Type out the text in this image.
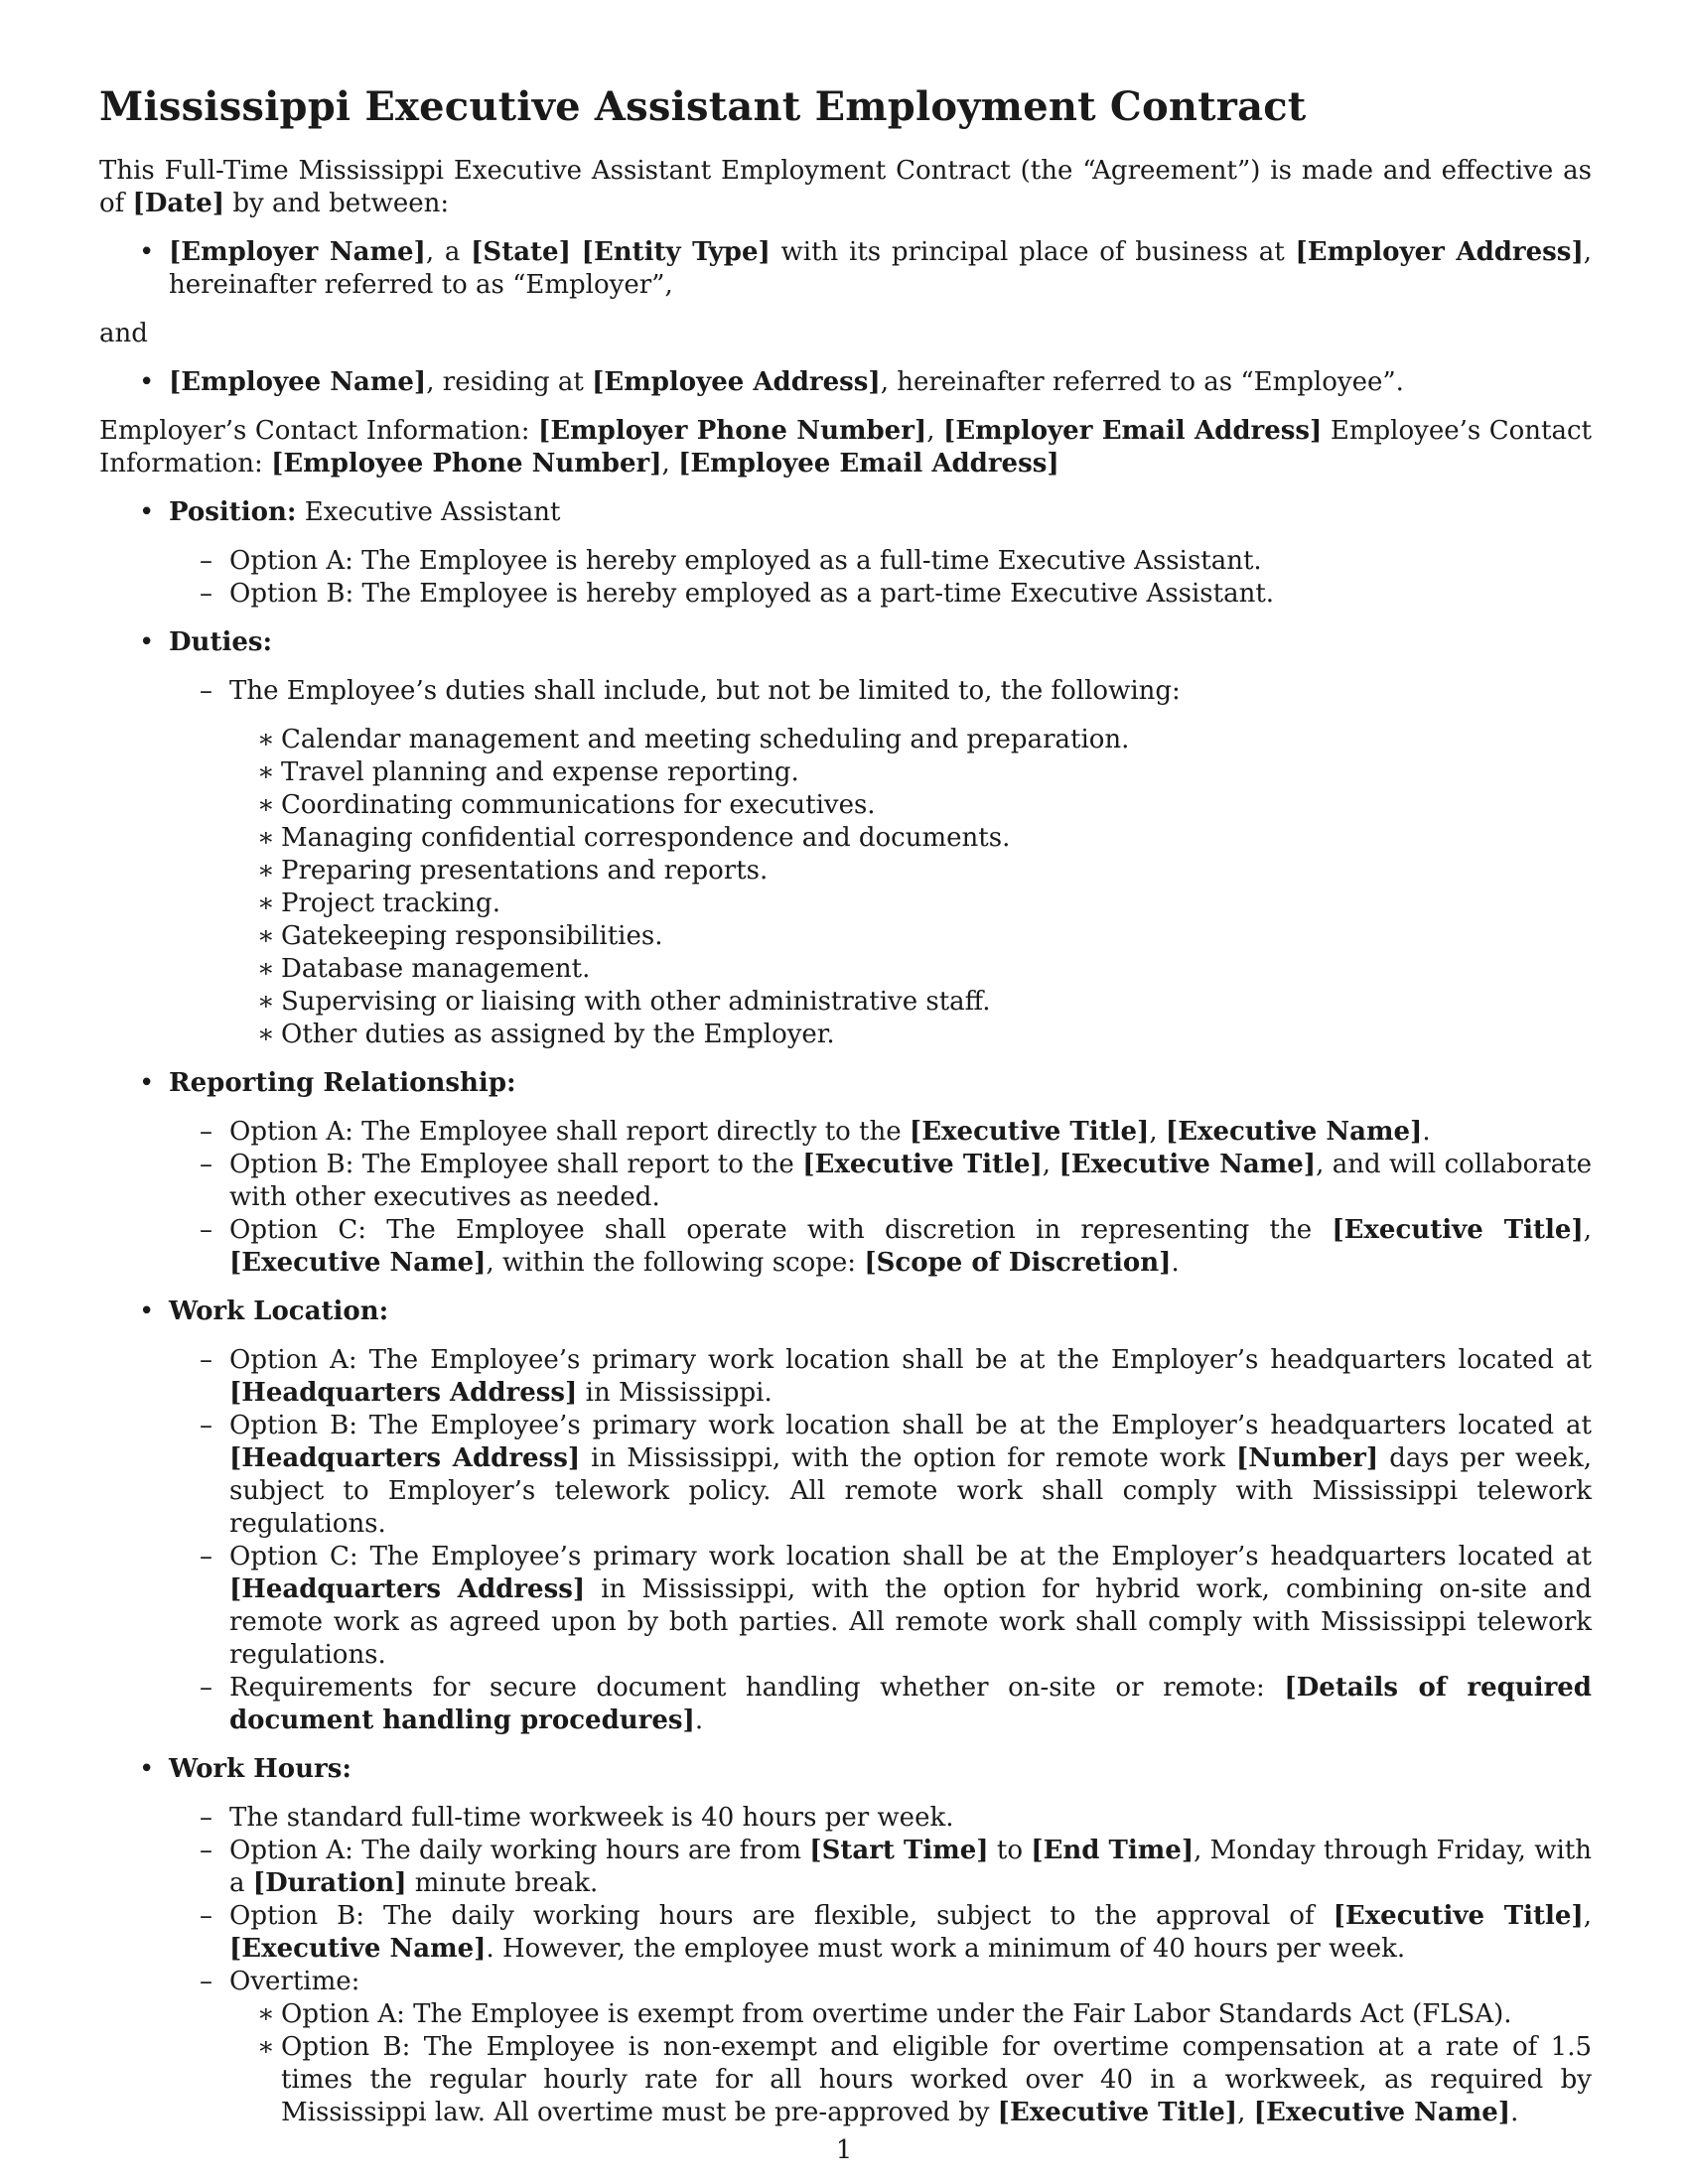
Mississippi Executive Assistant Employment Contract

This Full-Time Mississippi Executive Assistant Employment Contract (the “Agreement”) is made and effective as of [Date] by and between:

• [Employer Name], a [State] [Entity Type] with its principal place of business at [Employer Address], hereinafter referred to as “Employer”,
and
• [Employee Name], residing at [Employee Address], hereinafter referred to as “Employee”.

Employer’s Contact Information: [Employer Phone Number], [Employer Email Address] Employee’s Contact Information: [Employee Phone Number], [Employee Email Address]

• Position: Executive Assistant
– Option A: The Employee is hereby employed as a full-time Executive Assistant.
– Option B: The Employee is hereby employed as a part-time Executive Assistant.
• Duties:
– The Employee’s duties shall include, but not be limited to, the following:
∗ Calendar management and meeting scheduling and preparation.
∗ Travel planning and expense reporting.
∗ Coordinating communications for executives.
∗ Managing confidential correspondence and documents.
∗ Preparing presentations and reports.
∗ Project tracking.
∗ Gatekeeping responsibilities.
∗ Database management.
∗ Supervising or liaising with other administrative staff.
∗ Other duties as assigned by the Employer.
• Reporting Relationship:
– Option A: The Employee shall report directly to the [Executive Title], [Executive Name].
– Option B: The Employee shall report to the [Executive Title], [Executive Name], and will collaborate with other executives as needed.
– Option C: The Employee shall operate with discretion in representing the [Executive Title], [Executive Name], within the following scope: [Scope of Discretion].
• Work Location:
– Option A: The Employee’s primary work location shall be at the Employer’s headquarters located at [Headquarters Address] in Mississippi.
– Option B: The Employee’s primary work location shall be at the Employer’s headquarters located at [Headquarters Address] in Mississippi, with the option for remote work [Number] days per week, subject to Employer’s telework policy. All remote work shall comply with Mississippi telework regulations.
– Option C: The Employee’s primary work location shall be at the Employer’s headquarters located at [Headquarters Address] in Mississippi, with the option for hybrid work, combining on-site and remote work as agreed upon by both parties. All remote work shall comply with Mississippi telework regulations.
– Requirements for secure document handling whether on-site or remote: [Details of required document handling procedures].
• Work Hours:
– The standard full-time workweek is 40 hours per week.
– Option A: The daily working hours are from [Start Time] to [End Time], Monday through Friday, with a [Duration] minute break.
– Option B: The daily working hours are flexible, subject to the approval of [Executive Title], [Executive Name]. However, the employee must work a minimum of 40 hours per week.
– Overtime:
∗ Option A: The Employee is exempt from overtime under the Fair Labor Standards Act (FLSA).
∗ Option B: The Employee is non-exempt and eligible for overtime compensation at a rate of 1.5 times the regular hourly rate for all hours worked over 40 in a workweek, as required by Mississippi law. All overtime must be pre-approved by [Executive Title], [Executive Name].
1
